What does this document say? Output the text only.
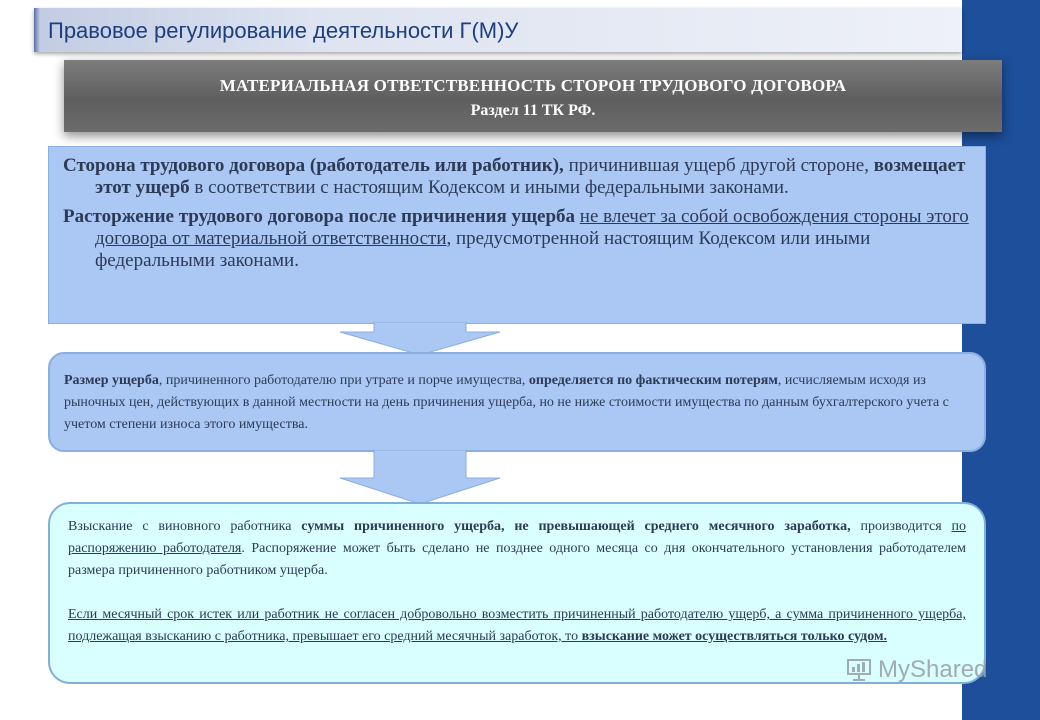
Правовое регулирование деятельности Г(М)У
МАТЕРИАЛЬНАЯ ОТВЕТСТВЕННОСТЬ СТОРОН ТРУДОВОГО ДОГОВОРА
Раздел 11 ТК РФ.

Сторона трудового договора (работодатель или работник), причинившая ущерб другой стороне, возмещает этот ущерб в соответствии с настоящим Кодексом и иными федеральными законами.

Расторжение трудового договора после причинения ущерба не влечет за собой освобождения стороны этого договора от материальной ответственности, предусмотренной настоящим Кодексом или иными федеральными законами.

Размер ущерба, причиненного работодателю при утрате и порче имущества, определяется по фактическим потерям, исчисляемым исходя из рыночных цен, действующих в данной местности на день причинения ущерба, но не ниже стоимости имущества по данным бухгалтерского учета с учетом степени износа этого имущества.

Взыскание с виновного работника суммы причиненного ущерба, не превышающей среднего месячного заработка, производится по распоряжению работодателя. Распоряжение может быть сделано не позднее одного месяца со дня окончательного установления работодателем размера причиненного работником ущерба.

Если месячный срок истек или работник не согласен добровольно возместить причиненный работодателю ущерб, а сумма причиненного ущерба, подлежащая взысканию с работника, превышает его средний месячный заработок, то взыскание может осуществляться только судом.

MyShared
